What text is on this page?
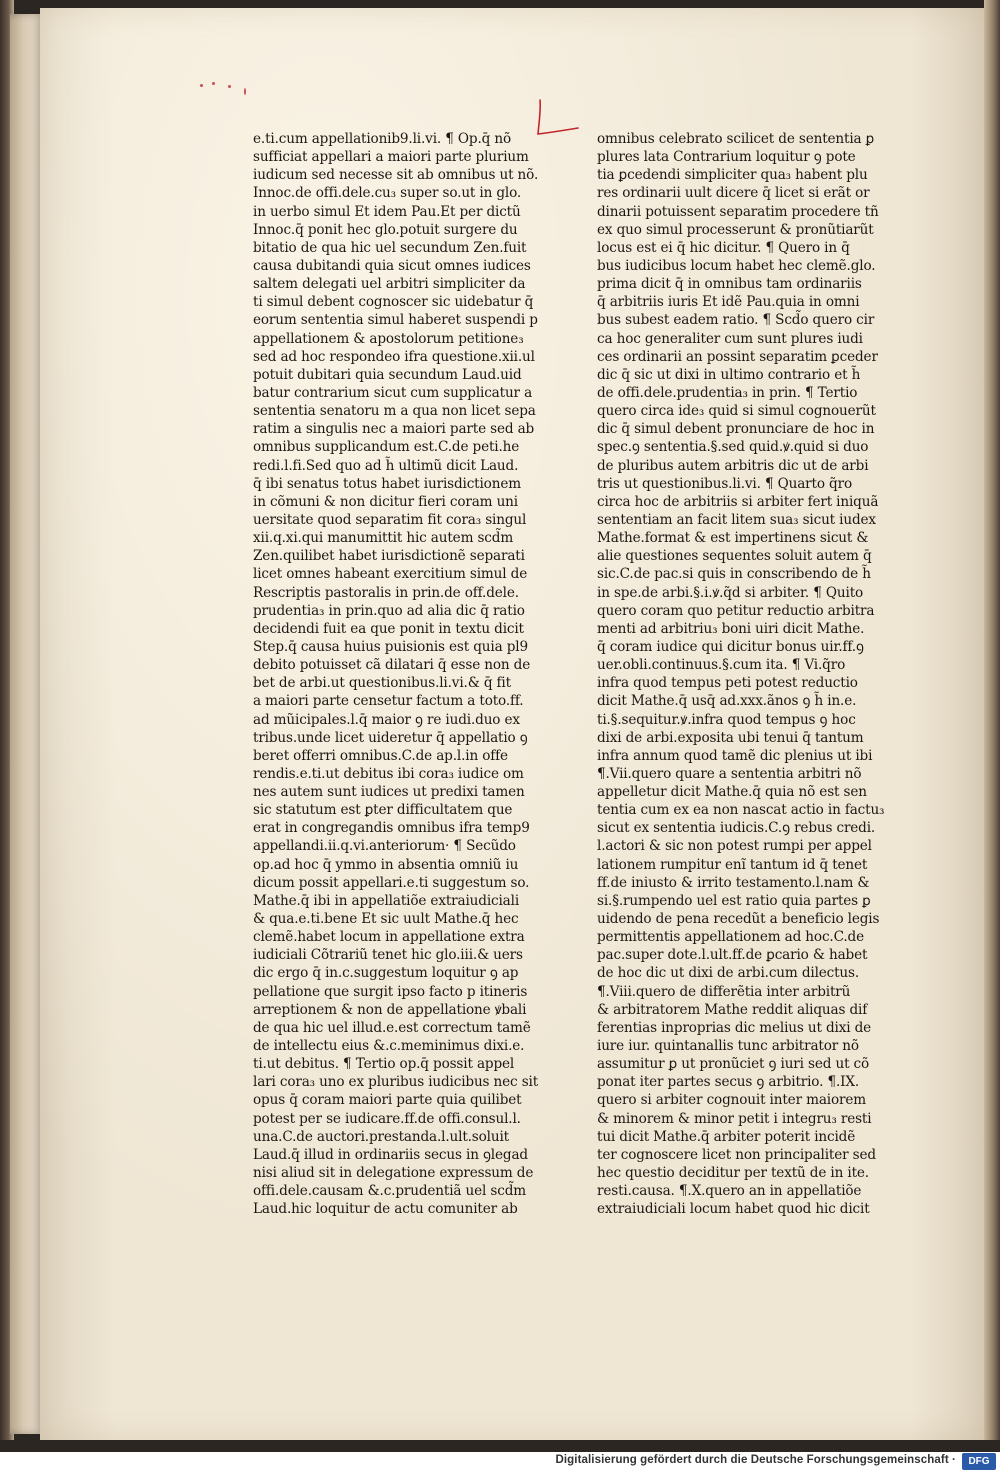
e.ti.cum appellationib9.li.vi. ¶ Op.q̄ nõ
sufficiat appellari a maiori parte plurium
iudicum sed necesse sit ab omnibus ut nõ.
Innoc.de offi.dele.cu₃ super so.ut in glo.
in uerbo simul Et idem Pau.Et per dictũ
Innoc.q̄ ponit hec glo.potuit surgere du
bitatio de qua hic uel secundum Zen.fuit
causa dubitandi quia sicut omnes iudices
saltem delegati uel arbitri simpliciter da
ti simul debent cognoscer sic uidebatur q̄
eorum sententia simul haberet suspendi p
appellationem & apostolorum petitione₃
sed ad hoc respondeo ifra questione.xii.ul
potuit dubitari quia secundum Laud.uid
batur contrarium sicut cum supplicatur a
sententia senatoru m a qua non licet sepa
ratim a singulis nec a maiori parte sed ab
omnibus supplicandum est.C.de peti.he
redi.l.fi.Sed quo ad h̃ ultimũ dicit Laud.
q̄ ibi senatus totus habet iurisdictionem
in cõmuni & non dicitur fieri coram uni
uersitate quod separatim fit cora₃ singul
xii.q.xi.qui manumittit hic autem scd̃m
Zen.quilibet habet iurisdictionẽ separati
licet omnes habeant exercitium simul de
Rescriptis pastoralis in prin.de off.dele.
prudentia₃ in prin.quo ad alia dic q̄ ratio
decidendi fuit ea que ponit in textu dicit
Step.q̄ causa huius puisionis est quia pl9
debito potuisset cã dilatari q̄ esse non de
bet de arbi.ut questionibus.li.vi.& q̄ fit
a maiori parte censetur factum a toto.ff.
ad mũicipales.l.q̄ maior ꝯ re iudi.duo ex
tribus.unde licet uideretur q̄ appellatio ꝯ
beret offerri omnibus.C.de ap.l.in offe
rendis.e.ti.ut debitus ibi cora₃ iudice om
nes autem sunt iudices ut predixi tamen
sic statutum est ꝑter difficultatem que
erat in congregandis omnibus ifra temp9
appellandi.ii.q.vi.anteriorum· ¶ Secũdo
op.ad hoc q̄ ymmo in absentia omniũ iu
dicum possit appellari.e.ti suggestum so.
Mathe.q̄ ibi in appellatiõe extraiudiciali
& qua.e.ti.bene Et sic uult Mathe.q̄ hec
clemẽ.habet locum in appellatione extra
iudiciali Cõtrariũ tenet hic glo.iii.& uers
dic ergo q̄ in.c.suggestum loquitur ꝯ ap
pellatione que surgit ipso facto p itineris
arreptionem & non de appellatione ꝟbali
de qua hic uel illud.e.est correctum tamẽ
de intellectu eius &.c.meminimus dixi.e.
ti.ut debitus. ¶ Tertio op.q̄ possit appel
lari cora₃ uno ex pluribus iudicibus nec sit
opus q̄ coram maiori parte quia quilibet
potest per se iudicare.ff.de offi.consul.l.
una.C.de auctori.prestanda.l.ult.soluit
Laud.q̄ illud in ordinariis secus in ꝯlegad
nisi aliud sit in delegatione expressum de
offi.dele.causam &.c.prudentiã uel scd̃m
Laud.hic loquitur de actu comuniter ab
omnibus celebrato scilicet de sententia ꝑ
plures lata Contrarium loquitur ꝯ pote
tia ꝑcedendi simpliciter qua₃ habent plu
res ordinarii uult dicere q̄ licet si erãt or
dinarii potuissent separatim procedere tñ
ex quo simul processerunt & pronũtiarũt
locus est ei q̄ hic dicitur. ¶ Quero in q̄
bus iudicibus locum habet hec clemẽ.glo.
prima dicit q̄ in omnibus tam ordinariis
q̄ arbitriis iuris Et idẽ Pau.quia in omni
bus subest eadem ratio. ¶ Scd̃o quero cir
ca hoc generaliter cum sunt plures iudi
ces ordinarii an possint separatim ꝑceder
dic q̄ sic ut dixi in ultimo contrario et h̃
de offi.dele.prudentia₃ in prin. ¶ Tertio
quero circa ide₃ quid si simul cognouerũt
dic q̄ simul debent pronunciare de hoc in
spec.ꝯ sententia.§.sed quid.ꝟ.quid si duo
de pluribus autem arbitris dic ut de arbi
tris ut questionibus.li.vi. ¶ Quarto q̃ro
circa hoc de arbitriis si arbiter fert iniquã
sententiam an facit litem sua₃ sicut iudex
Mathe.format & est impertinens sicut &
alie questiones sequentes soluit autem q̄
sic.C.de pac.si quis in conscribendo de h̃
in spe.de arbi.§.i.ꝟ.q̃d si arbiter. ¶ Quito
quero coram quo petitur reductio arbitra
menti ad arbitriu₃ boni uiri dicit Mathe.
q̄ coram iudice qui dicitur bonus uir.ff.ꝯ
uer.obli.continuus.§.cum ita. ¶ Vi.q̃ro
infra quod tempus peti potest reductio
dicit Mathe.q̄ usq̄ ad.xxx.ãnos ꝯ h̃ in.e.
ti.§.sequitur.ꝟ.infra quod tempus ꝯ hoc
dixi de arbi.exposita ubi tenui q̄ tantum
infra annum quod tamẽ dic plenius ut ibi
¶.Vii.quero quare a sententia arbitri nõ
appelletur dicit Mathe.q̄ quia nõ est sen
tentia cum ex ea non nascat actio in factu₃
sicut ex sententia iudicis.C.ꝯ rebus credi.
l.actori & sic non potest rumpi per appel
lationem rumpitur enĩ tantum id q̄ tenet
ff.de iniusto & irrito testamento.l.nam &
si.§.rumpendo uel est ratio quia partes ꝑ
uidendo de pena recedũt a beneficio legis
permittentis appellationem ad hoc.C.de
pac.super dote.l.ult.ff.de ꝑcario & habet
de hoc dic ut dixi de arbi.cum dilectus.
¶.Viii.quero de differẽtia inter arbitrũ
& arbitratorem Mathe reddit aliquas dif
ferentias inproprias dic melius ut dixi de
iure iur. quintanallis tunc arbitrator nõ
assumitur ꝑ ut pronũciet ꝯ iuri sed ut cõ
ponat iter partes secus ꝯ arbitrio. ¶.IX.
quero si arbiter cognouit inter maiorem
& minorem & minor petit i integru₃ resti
tui dicit Mathe.q̄ arbiter poterit incidẽ
ter cognoscere licet non principaliter sed
hec questio deciditur per textũ de in ite.
resti.causa. ¶.X.quero an in appellatiõe
extraiudiciali locum habet quod hic dicit
Digitalisierung gefördert durch die Deutsche Forschungsgemeinschaft ·	DFG
